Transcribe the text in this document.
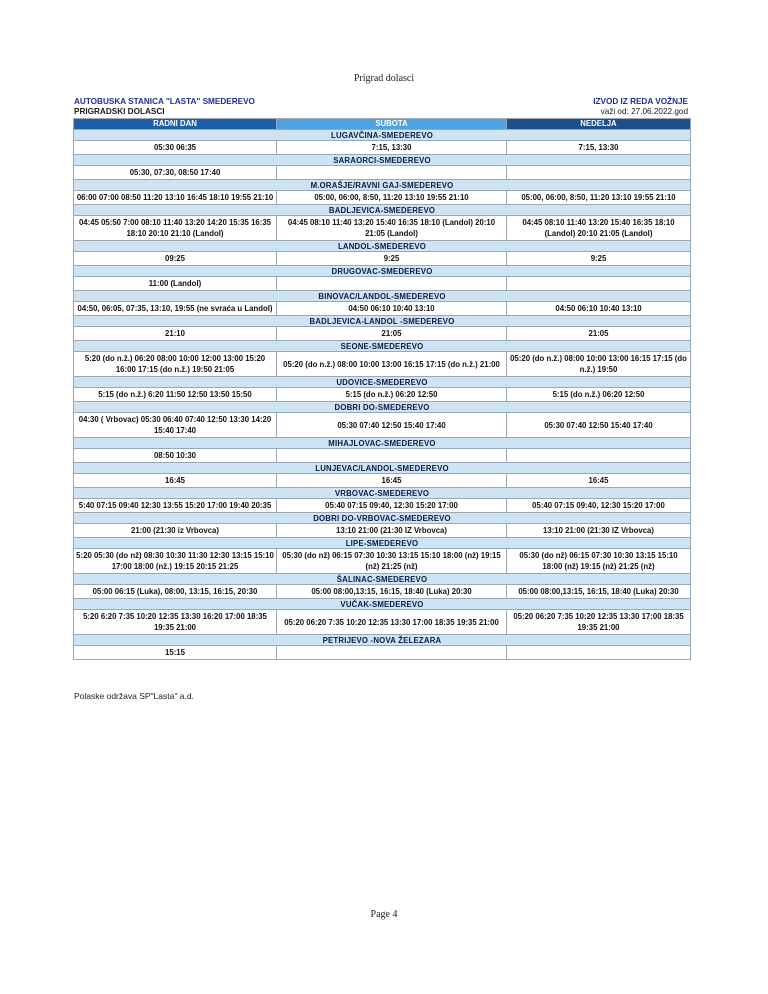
Prigrad dolasci
AUTOBUSKA STANICA "LASTA" SMEDEREVO
PRIGRADSKI DOLASCI
IZVOD IZ REDA VOŽNJE
važi od: 27.06.2022.god
RADNI DAN	SUBOTA	NEDELJA
LUGAVČINA-SMEDEREVO		
05:30 06:35	7:15, 13:30	7:15, 13:30
SARAORCI-SMEDEREVO		
05:30, 07:30, 08:50 17:40		
M.ORAŠJE/RAVNI GAJ-SMEDEREVO		
06:00 07:00 08:50 11:20 13:10 16:45 18:10 19:55 21:10	05:00, 06:00, 8:50, 11:20 13:10 19:55 21:10	05:00, 06:00, 8:50, 11:20 13:10 19:55 21:10
BADLJEVICA-SMEDEREVO		
04:45 05:50 7:00 08:10 11:40 13:20 14:20 15:35 16:35 18:10 20:10 21:10 (Landol)	04:45 08:10 11:40 13:20 15:40 16:35 18:10 (Landol) 20:10 21:05 (Landol)	04:45 08:10 11:40 13:20 15:40 16:35 18:10 (Landol) 20:10 21:05 (Landol)
LANDOL-SMEDEREVO		
09:25	9:25	9:25
DRUGOVAC-SMEDEREVO		
11:00 (Landol)		
BINOVAC/LANDOL-SMEDEREVO		
04:50, 06:05, 07:35, 13:10, 19:55 (ne svraća u Landol)	04:50 06:10 10:40 13:10	04:50 06:10 10:40 13:10
BADLJEVICA-LANDOL -SMEDEREVO		
21:10	21:05	21:05
SEONE-SMEDEREVO		
5:20 (do n.ž.) 06:20 08:00 10:00 12:00 13:00 15:20 16:00 17:15 (do n.ž.) 19:50 21:05	05:20 (do n.ž.) 08:00 10:00 13:00 16:15 17:15 (do n.ž.) 21:00	05:20 (do n.ž.) 08:00 10:00 13:00 16:15 17:15 (do n.ž.) 19:50
UDOVICE-SMEDEREVO		
5:15 (do n.ž.) 6:20 11:50 12:50 13:50 15:50	5:15 (do n.ž.) 06:20 12:50	5:15 (do n.ž.) 06:20 12:50
DOBRI DO-SMEDEREVO		
04:30 ( Vrbovac) 05:30 06:40 07:40 12:50 13:30 14:20 15:40 17:40	05:30 07:40 12:50 15:40 17:40	05:30 07:40 12:50 15:40 17:40
MIHAJLOVAC-SMEDEREVO		
08:50 10:30		
LUNJEVAC/LANDOL-SMEDEREVO		
16:45	16:45	16:45
VRBOVAC-SMEDEREVO		
5:40 07:15 09:40 12:30 13:55 15:20 17:00 19:40 20:35	05:40 07:15 09:40, 12:30 15:20 17:00	05:40 07:15 09:40, 12:30 15:20 17:00
DOBRI DO-VRBOVAC-SMEDEREVO		
21:00 (21:30 iz Vrbovca)	13:10 21:00 (21:30 IZ Vrbovca)	13:10 21:00 (21:30 IZ Vrbovca)
LIPE-SMEDEREVO		
5:20 05:30 (do nž) 08:30 10:30 11:30 12:30 13:15 15:10 17:00 18:00 (nž.) 19:15 20:15 21:25	05:30 (do nž) 06:15 07:30 10:30 13:15 15:10 18:00 (nž) 19:15 (nž) 21:25 (nž)	05:30 (do nž) 06:15 07:30 10:30 13:15 15:10 18:00 (nž) 19:15 (nž) 21:25 (nž)
ŠALINAC-SMEDEREVO		
05:00 06:15 (Luka), 08:00, 13:15, 16:15, 20:30	05:00 08:00,13:15, 16:15, 18:40 (Luka) 20:30	05:00 08:00,13:15, 16:15, 18:40 (Luka) 20:30
VUČAK-SMEDEREVO		
5:20 6:20 7:35 10:20 12:35 13:30 16:20 17:00 18:35 19:35 21:00	05:20 06:20 7:35 10:20 12:35 13:30 17:00 18:35 19:35 21:00	05:20 06:20 7:35 10:20 12:35 13:30 17:00 18:35 19:35 21:00
PETRIJEVO -NOVA ŽELEZARA		
15:15		
Polaske održava SP"Lasta" a.d.
Page 4
